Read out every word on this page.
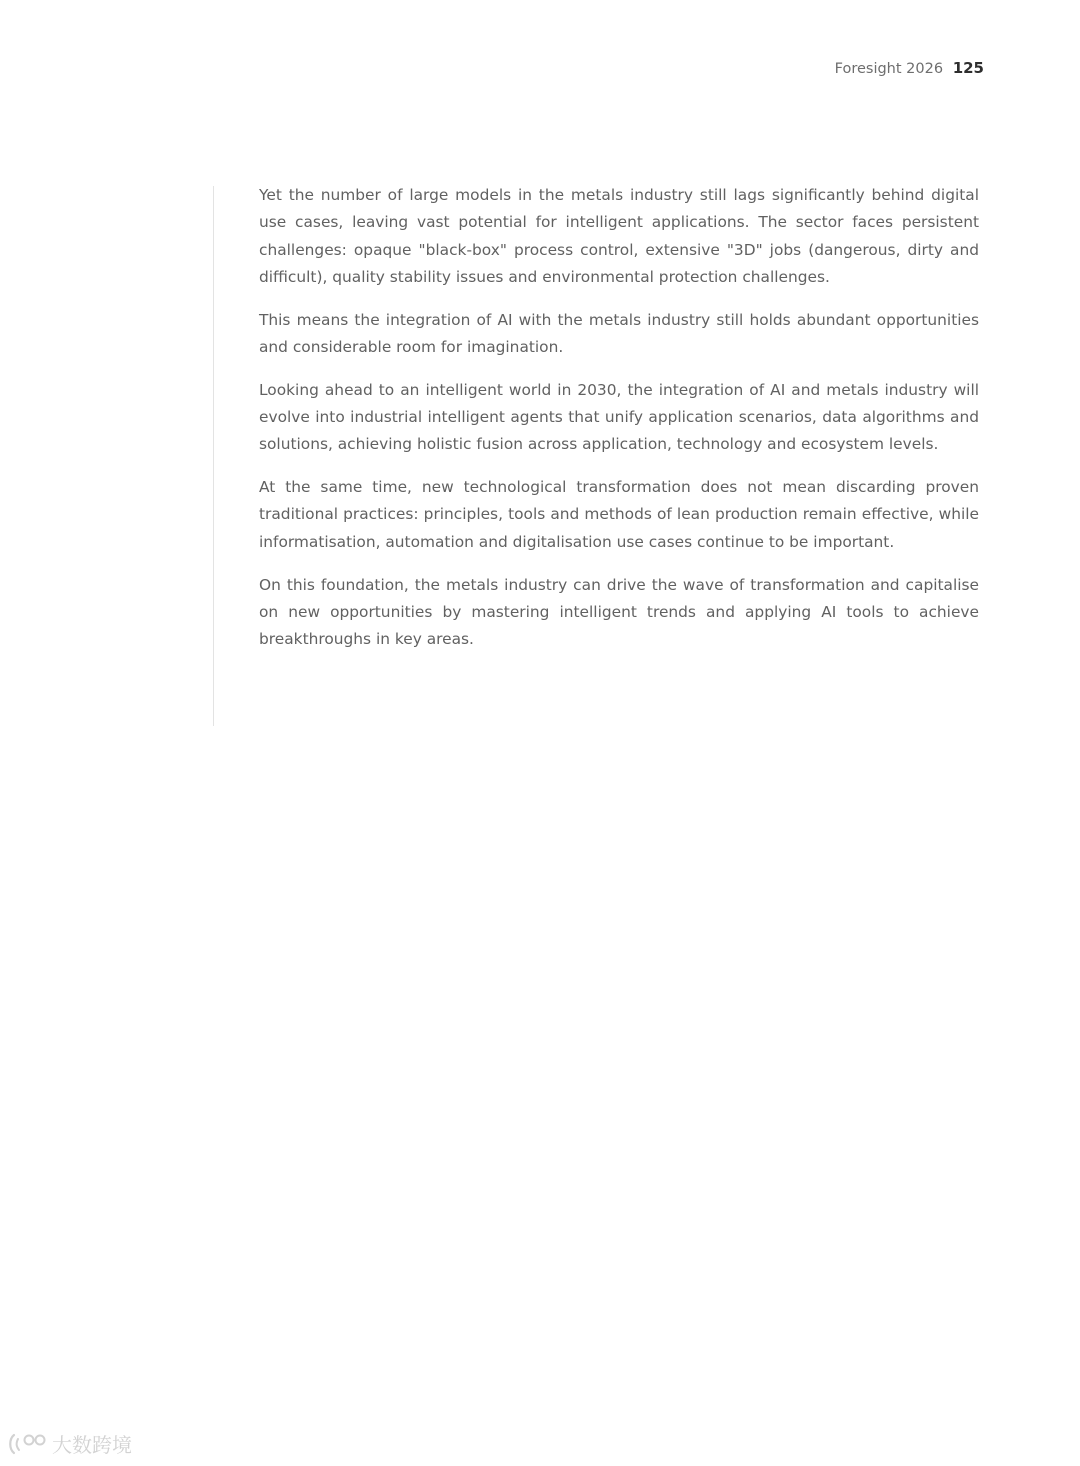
Foresight 2026 125

Yet the number of large models in the metals industry still lags significantly behind digital use cases, leaving vast potential for intelligent applications. The sector faces persistent challenges: opaque "black-box" process control, extensive "3D" jobs (dangerous, dirty and difficult), quality stability issues and environmental protection challenges.

This means the integration of AI with the metals industry still holds abundant opportunities and considerable room for imagination.

Looking ahead to an intelligent world in 2030, the integration of AI and metals industry will evolve into industrial intelligent agents that unify application scenarios, data algorithms and solutions, achieving holistic fusion across application, technology and ecosystem levels.

At the same time, new technological transformation does not mean discarding proven traditional practices: principles, tools and methods of lean production remain effective, while informatisation, automation and digitalisation use cases continue to be important.

On this foundation, the metals industry can drive the wave of transformation and capitalise on new opportunities by mastering intelligent trends and applying AI tools to achieve breakthroughs in key areas.

大数跨境
